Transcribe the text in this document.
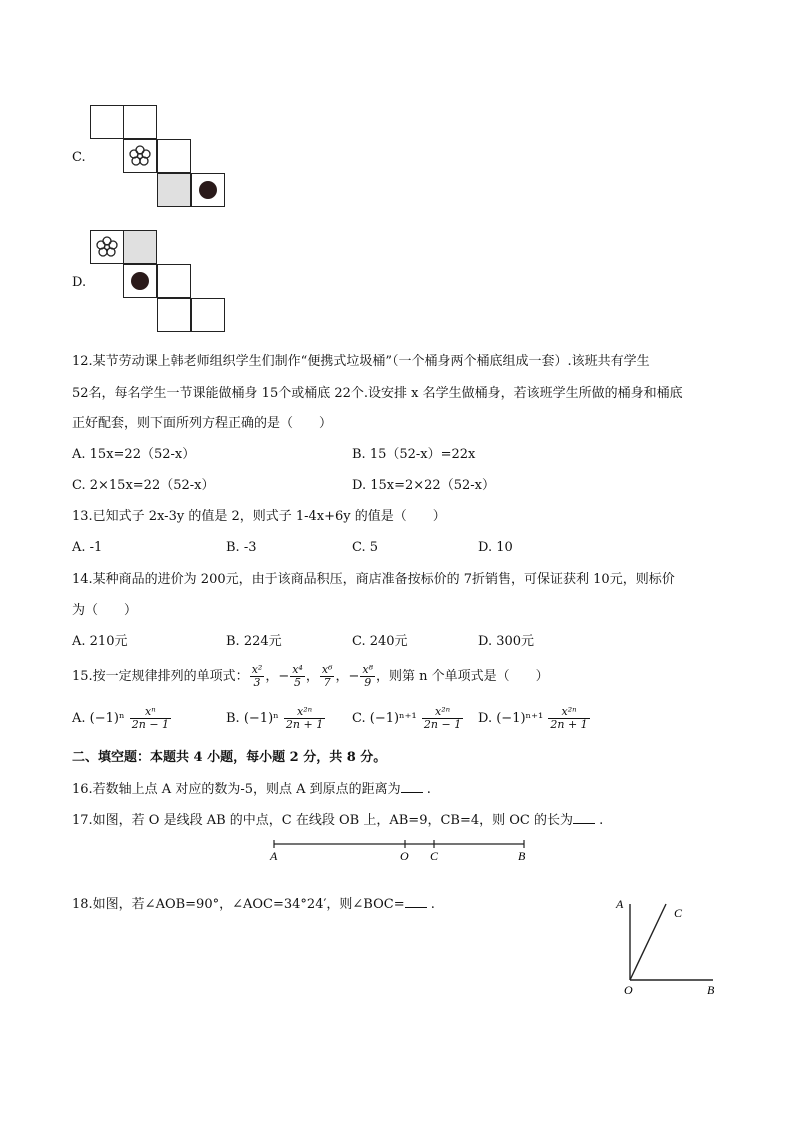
C.
D.
12.某节劳动课上韩老师组织学生们制作“便携式垃圾桶”（一个桶身两个桶底组成一套）.该班共有学生
52名，每名学生一节课能做桶身 15个或桶底 22个.设安排 x 名学生做桶身，若该班学生所做的桶身和桶底
正好配套，则下面所列方程正确的是（　　）
A. 15x=22（52-x）	B. 15（52-x）=22x
C. 2×15x=22（52-x）	D. 15x=2×22（52-x）
13.已知式子 2x-3y 的值是 2，则式子 1-4x+6y 的值是（　　）
A. -1	B. -3	C. 5	D. 10
14.某种商品的进价为 200元，由于该商品积压，商店准备按标价的 7折销售，可保证获利 10元，则标价
为（　　）
A. 210元	B. 224元	C. 240元	D. 300元
15.按一定规律排列的单项式： $\frac{\text{x²}}{3}$ ，− $\frac{\text{x⁴}}{5}$ ， $\frac{\text{x⁶}}{7}$ ，− $\frac{\text{x⁸}}{9}$ ，则第 n 个单项式是（　　）
A. $(-1)^n \frac{\text{xⁿ}}{2n - 1}$	B. $(-1)^n \frac{\text{x²ⁿ}}{2n + 1} C$. $(-1)^{n+1} \frac{\text{x²ⁿ}}{2n - 1} D$. $(-1)^{n+1} \frac{\text{x²ⁿ}}{2n + 1}$
二、填空题：本题共 4 小题，每小题 2 分，共 8 分。
16.若数轴上点 A 对应的数为-5，则点 A 到原点的距离为 .
17.如图，若 O 是线段 AB 的中点，C 在线段 OB 上，AB=9，CB=4，则 OC 的长为 .
A	O C	B
18.如图，若∠AOB=90°，∠AOC=34°24′，则∠BOC= .	A
C
O	B
